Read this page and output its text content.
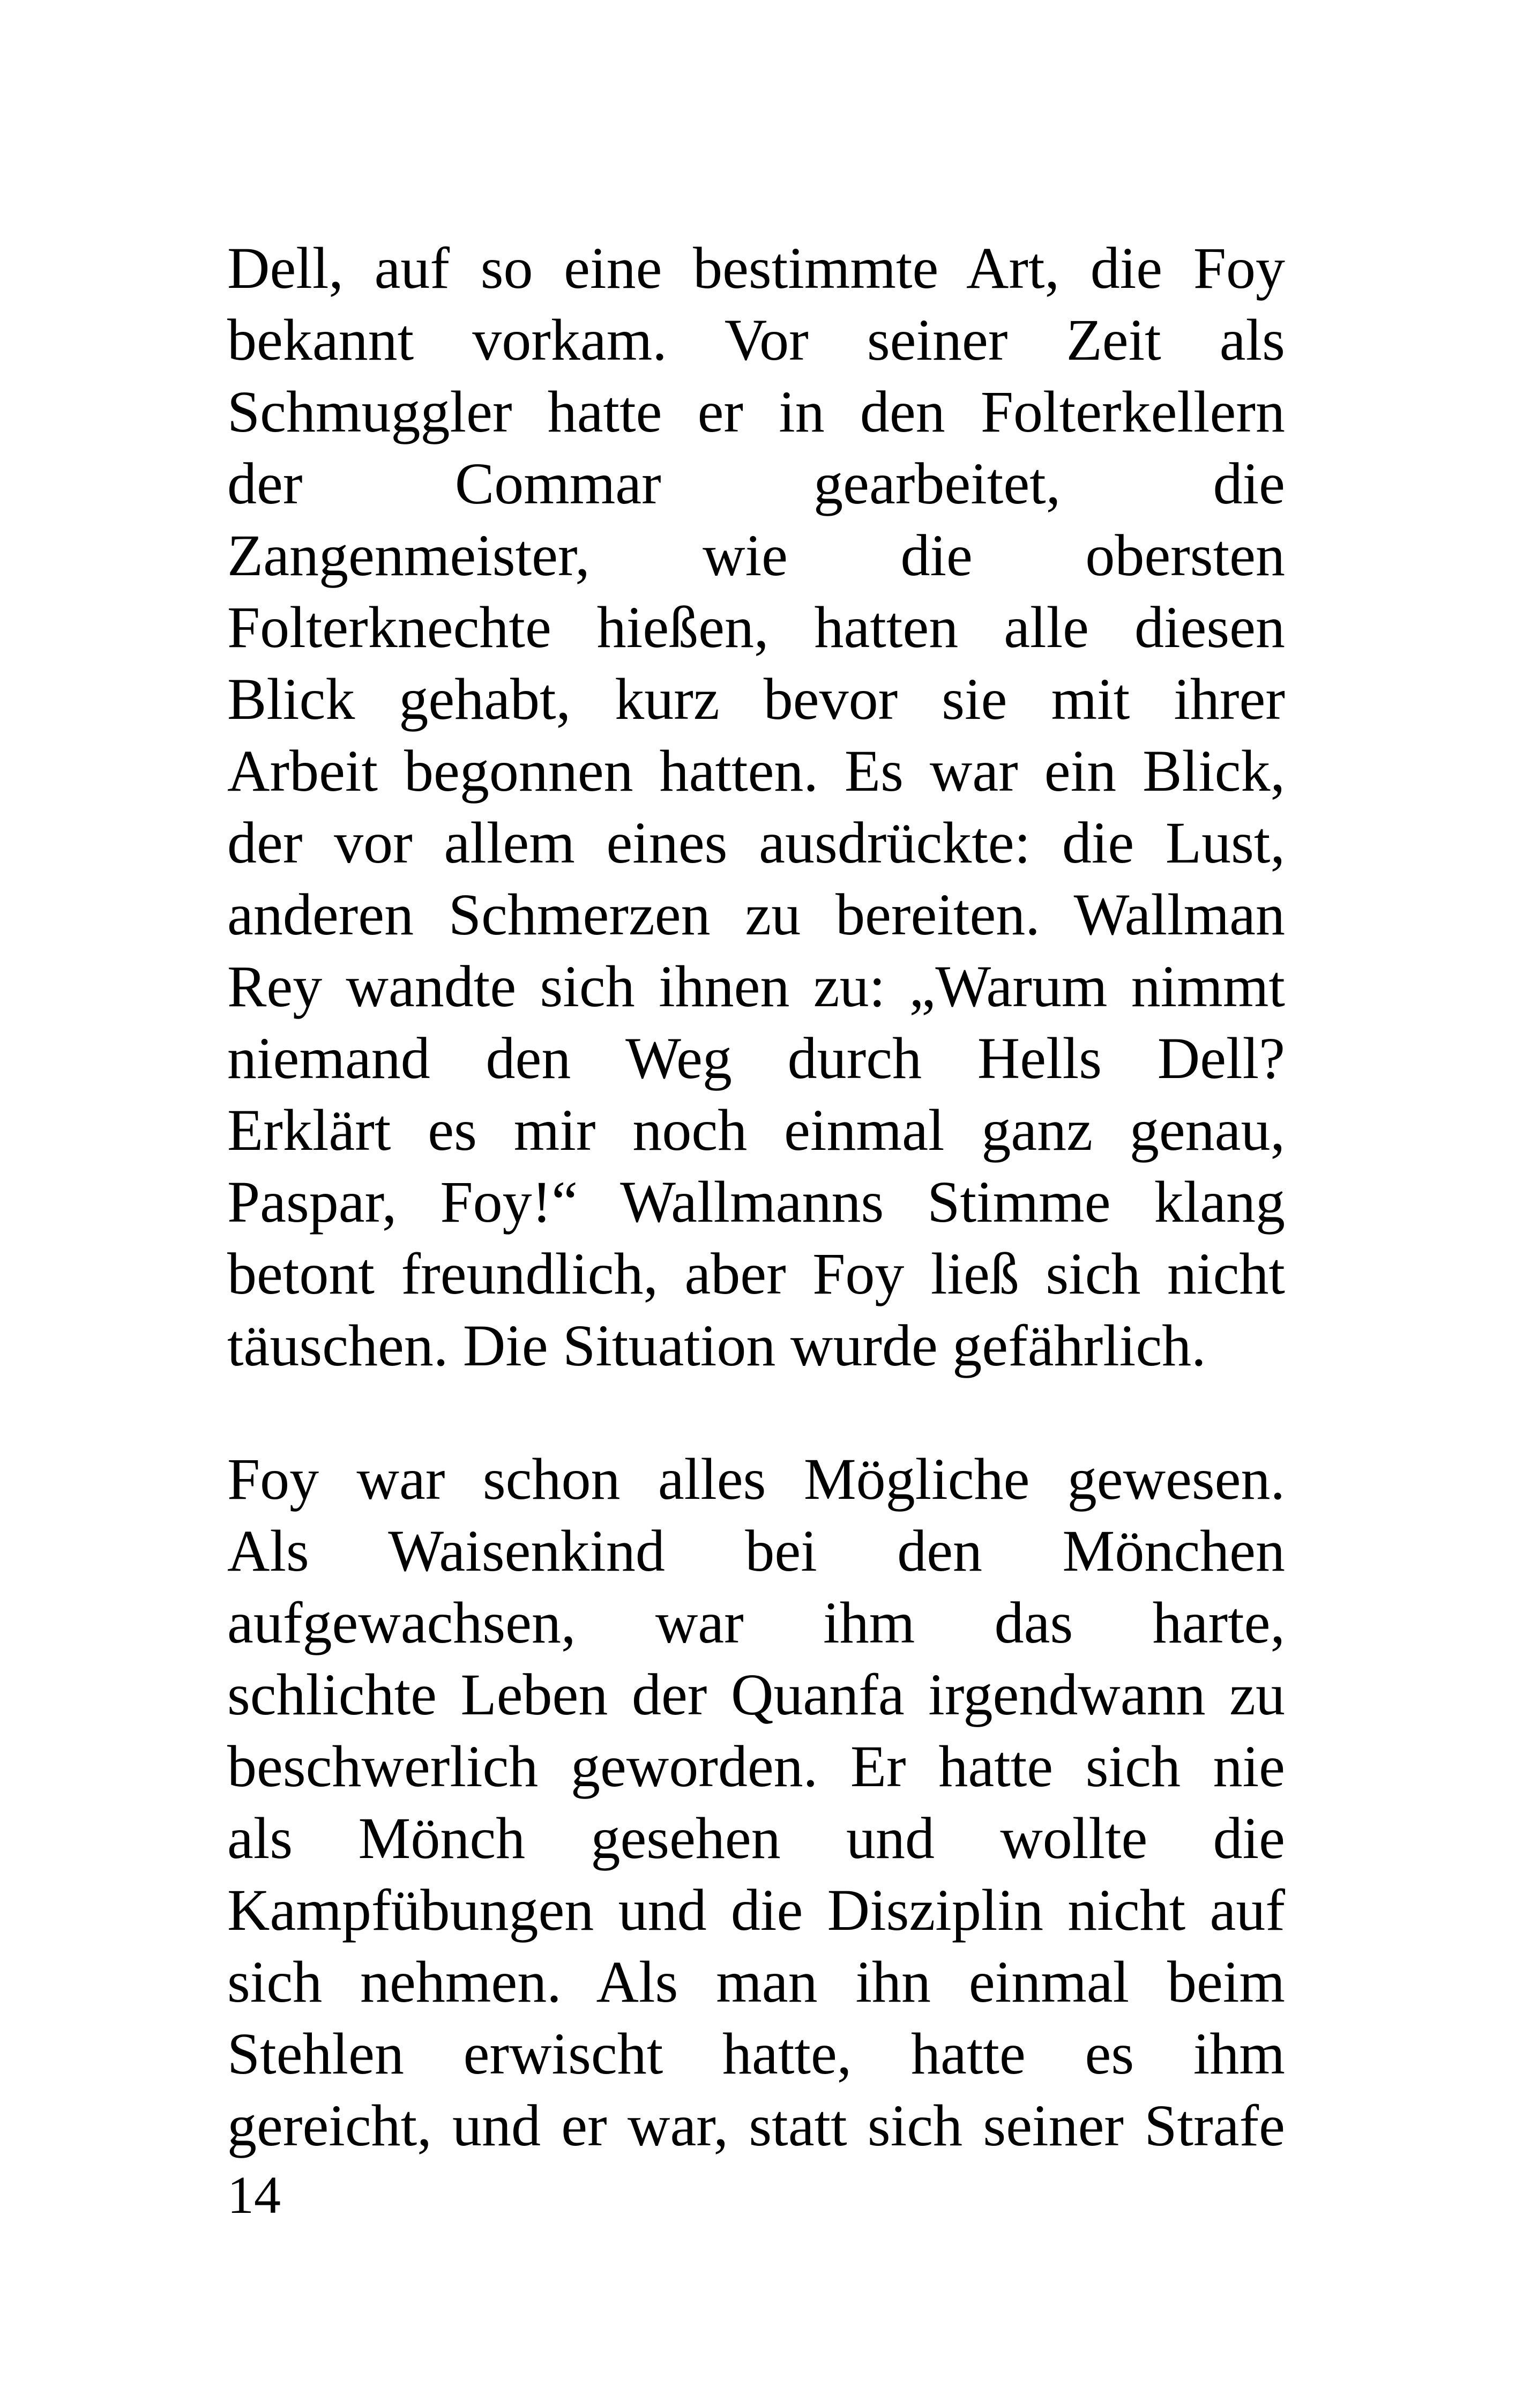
Dell, auf so eine bestimmte Art, die Foy
bekannt vorkam. Vor seiner Zeit als
Schmuggler hatte er in den Folterkellern
der Commar gearbeitet, die
Zangenmeister, wie die obersten
Folterknechte hießen, hatten alle diesen
Blick gehabt, kurz bevor sie mit ihrer
Arbeit begonnen hatten. Es war ein Blick,
der vor allem eines ausdrückte: die Lust,
anderen Schmerzen zu bereiten. Wallman
Rey wandte sich ihnen zu: „Warum nimmt
niemand den Weg durch Hells Dell?
Erklärt es mir noch einmal ganz genau,
Paspar, Foy!“ Wallmanns Stimme klang
betont freundlich, aber Foy ließ sich nicht
täuschen. Die Situation wurde gefährlich.
Foy war schon alles Mögliche gewesen.
Als Waisenkind bei den Mönchen
aufgewachsen, war ihm das harte,
schlichte Leben der Quanfa irgendwann zu
beschwerlich geworden. Er hatte sich nie
als Mönch gesehen und wollte die
Kampfübungen und die Disziplin nicht auf
sich nehmen. Als man ihn einmal beim
Stehlen erwischt hatte, hatte es ihm
gereicht, und er war, statt sich seiner Strafe
14
